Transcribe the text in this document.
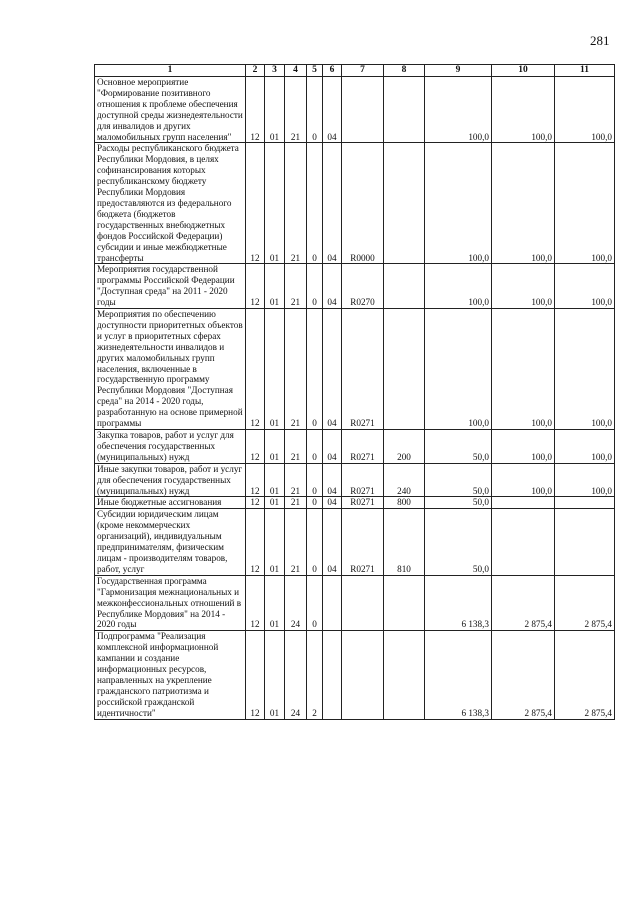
281
1	2	3	4	5	6	7	8	9	10	11

Основное мероприятие "Формирование позитивного отношения к проблеме обеспечения доступной среды жизнедеятельности для инвалидов и других маломобильных групп населения"	12	01	21	0	04			100,0	100,0	100,0

Расходы республиканского бюджета Республики Мордовия, в целях софинансирования которых республиканскому бюджету Республики Мордовия предоставляются из федерального бюджета (бюджетов государственных внебюджетных фондов Российской Федерации) субсидии и иные межбюджетные трансферты	12	01	21	0	04	R0000		100,0	100,0	100,0

Мероприятия государственной программы Российской Федерации "Доступная среда" на 2011 - 2020 годы	12	01	21	0	04	R0270		100,0	100,0	100,0

Мероприятия по обеспечению доступности приоритетных объектов и услуг в приоритетных сферах жизнедеятельности инвалидов и других маломобильных групп населения, включенные в государственную программу Республики Мордовия "Доступная среда" на 2014 - 2020 годы, разработанную на основе примерной программы	12	01	21	0	04	R0271		100,0	100,0	100,0

Закупка товаров, работ и услуг для обеспечения государственных (муниципальных) нужд	12	01	21	0	04	R0271	200	50,0	100,0	100,0

Иные закупки товаров, работ и услуг для обеспечения государственных (муниципальных) нужд	12	01	21	0	04	R0271	240	50,0	100,0	100,0

Иные бюджетные ассигнования	12	01	21	0	04	R0271	800	50,0		

Субсидии юридическим лицам (кроме некоммерческих организаций), индивидуальным предпринимателям, физическим лицам - производителям товаров, работ, услуг	12	01	21	0	04	R0271	810	50,0		

Государственная программа "Гармонизация межнациональных и межконфессиональных отношений в Республике Мордовия" на 2014 - 2020 годы	12	01	24	0				6 138,3	2 875,4	2 875,4

Подпрограмма "Реализация комплексной информационной кампании и создание информационных ресурсов, направленных на укрепление гражданского патриотизма и российской гражданской идентичности"	12	01	24	2				6 138,3	2 875,4	2 875,4
